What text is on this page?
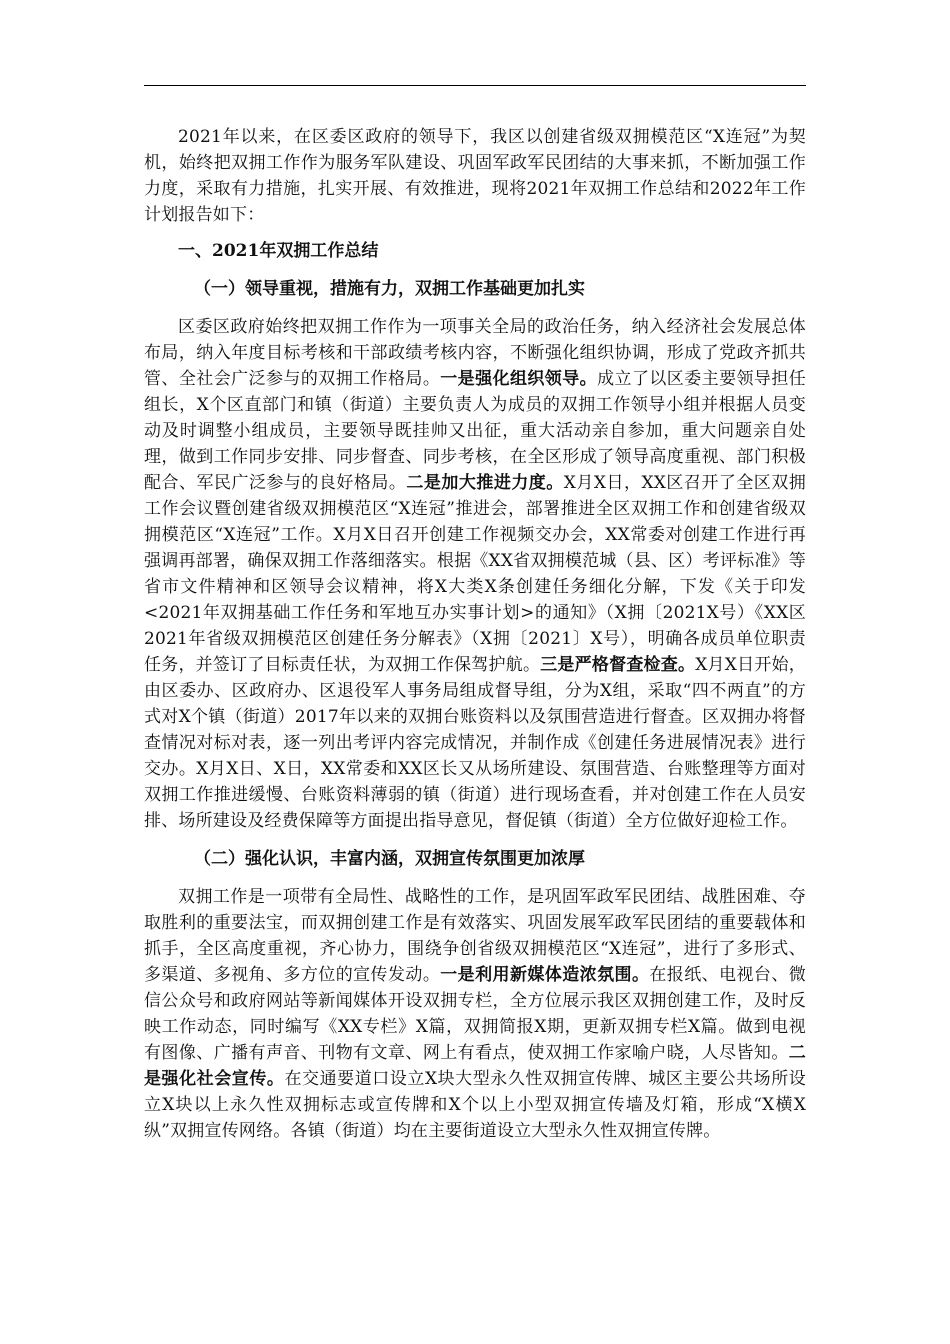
2021年以来，在区委区政府的领导下，我区以创建省级双拥模范区“X连冠”为契机，始终把双拥工作作为服务军队建设、巩固军政军民团结的大事来抓，不断加强工作力度，采取有力措施，扎实开展、有效推进，现将2021年双拥工作总结和2022年工作计划报告如下：

一、2021年双拥工作总结

（一）领导重视，措施有力，双拥工作基础更加扎实

区委区政府始终把双拥工作作为一项事关全局的政治任务，纳入经济社会发展总体布局，纳入年度目标考核和干部政绩考核内容，不断强化组织协调，形成了党政齐抓共管、全社会广泛参与的双拥工作格局。一是强化组织领导。成立了以区委主要领导担任组长，X个区直部门和镇（街道）主要负责人为成员的双拥工作领导小组并根据人员变动及时调整小组成员，主要领导既挂帅又出征，重大活动亲自参加，重大问题亲自处理，做到工作同步安排、同步督查、同步考核，在全区形成了领导高度重视、部门积极配合、军民广泛参与的良好格局。二是加大推进力度。X月X日，XX区召开了全区双拥工作会议暨创建省级双拥模范区“X连冠”推进会，部署推进全区双拥工作和创建省级双拥模范区“X连冠”工作。X月X日召开创建工作视频交办会，XX常委对创建工作进行再强调再部署，确保双拥工作落细落实。根据《XX省双拥模范城（县、区）考评标准》等省市文件精神和区领导会议精神，将X大类X条创建任务细化分解，下发《关于印发<2021年双拥基础工作任务和军地互办实事计划>的通知》（X拥〔2021X号）《XX区2021年省级双拥模范区创建任务分解表》（X拥〔2021〕X号），明确各成员单位职责任务，并签订了目标责任状，为双拥工作保驾护航。三是严格督查检查。X月X日开始，由区委办、区政府办、区退役军人事务局组成督导组，分为X组，采取“四不两直”的方式对X个镇（街道）2017年以来的双拥台账资料以及氛围营造进行督查。区双拥办将督查情况对标对表，逐一列出考评内容完成情况，并制作成《创建任务进展情况表》进行交办。X月X日、X日，XX常委和XX区长又从场所建设、氛围营造、台账整理等方面对双拥工作推进缓慢、台账资料薄弱的镇（街道）进行现场查看，并对创建工作在人员安排、场所建设及经费保障等方面提出指导意见，督促镇（街道）全方位做好迎检工作。

（二）强化认识，丰富内涵，双拥宣传氛围更加浓厚

双拥工作是一项带有全局性、战略性的工作，是巩固军政军民团结、战胜困难、夺取胜利的重要法宝，而双拥创建工作是有效落实、巩固发展军政军民团结的重要载体和抓手，全区高度重视，齐心协力，围绕争创省级双拥模范区“X连冠”，进行了多形式、多渠道、多视角、多方位的宣传发动。一是利用新媒体造浓氛围。在报纸、电视台、微信公众号和政府网站等新闻媒体开设双拥专栏，全方位展示我区双拥创建工作，及时反映工作动态，同时编写《XX专栏》X篇，双拥简报X期，更新双拥专栏X篇。做到电视有图像、广播有声音、刊物有文章、网上有看点，使双拥工作家喻户晓，人尽皆知。二是强化社会宣传。在交通要道口设立X块大型永久性双拥宣传牌、城区主要公共场所设立X块以上永久性双拥标志或宣传牌和X个以上小型双拥宣传墙及灯箱，形成“X横X纵”双拥宣传网络。各镇（街道）均在主要街道设立大型永久性双拥宣传牌。
